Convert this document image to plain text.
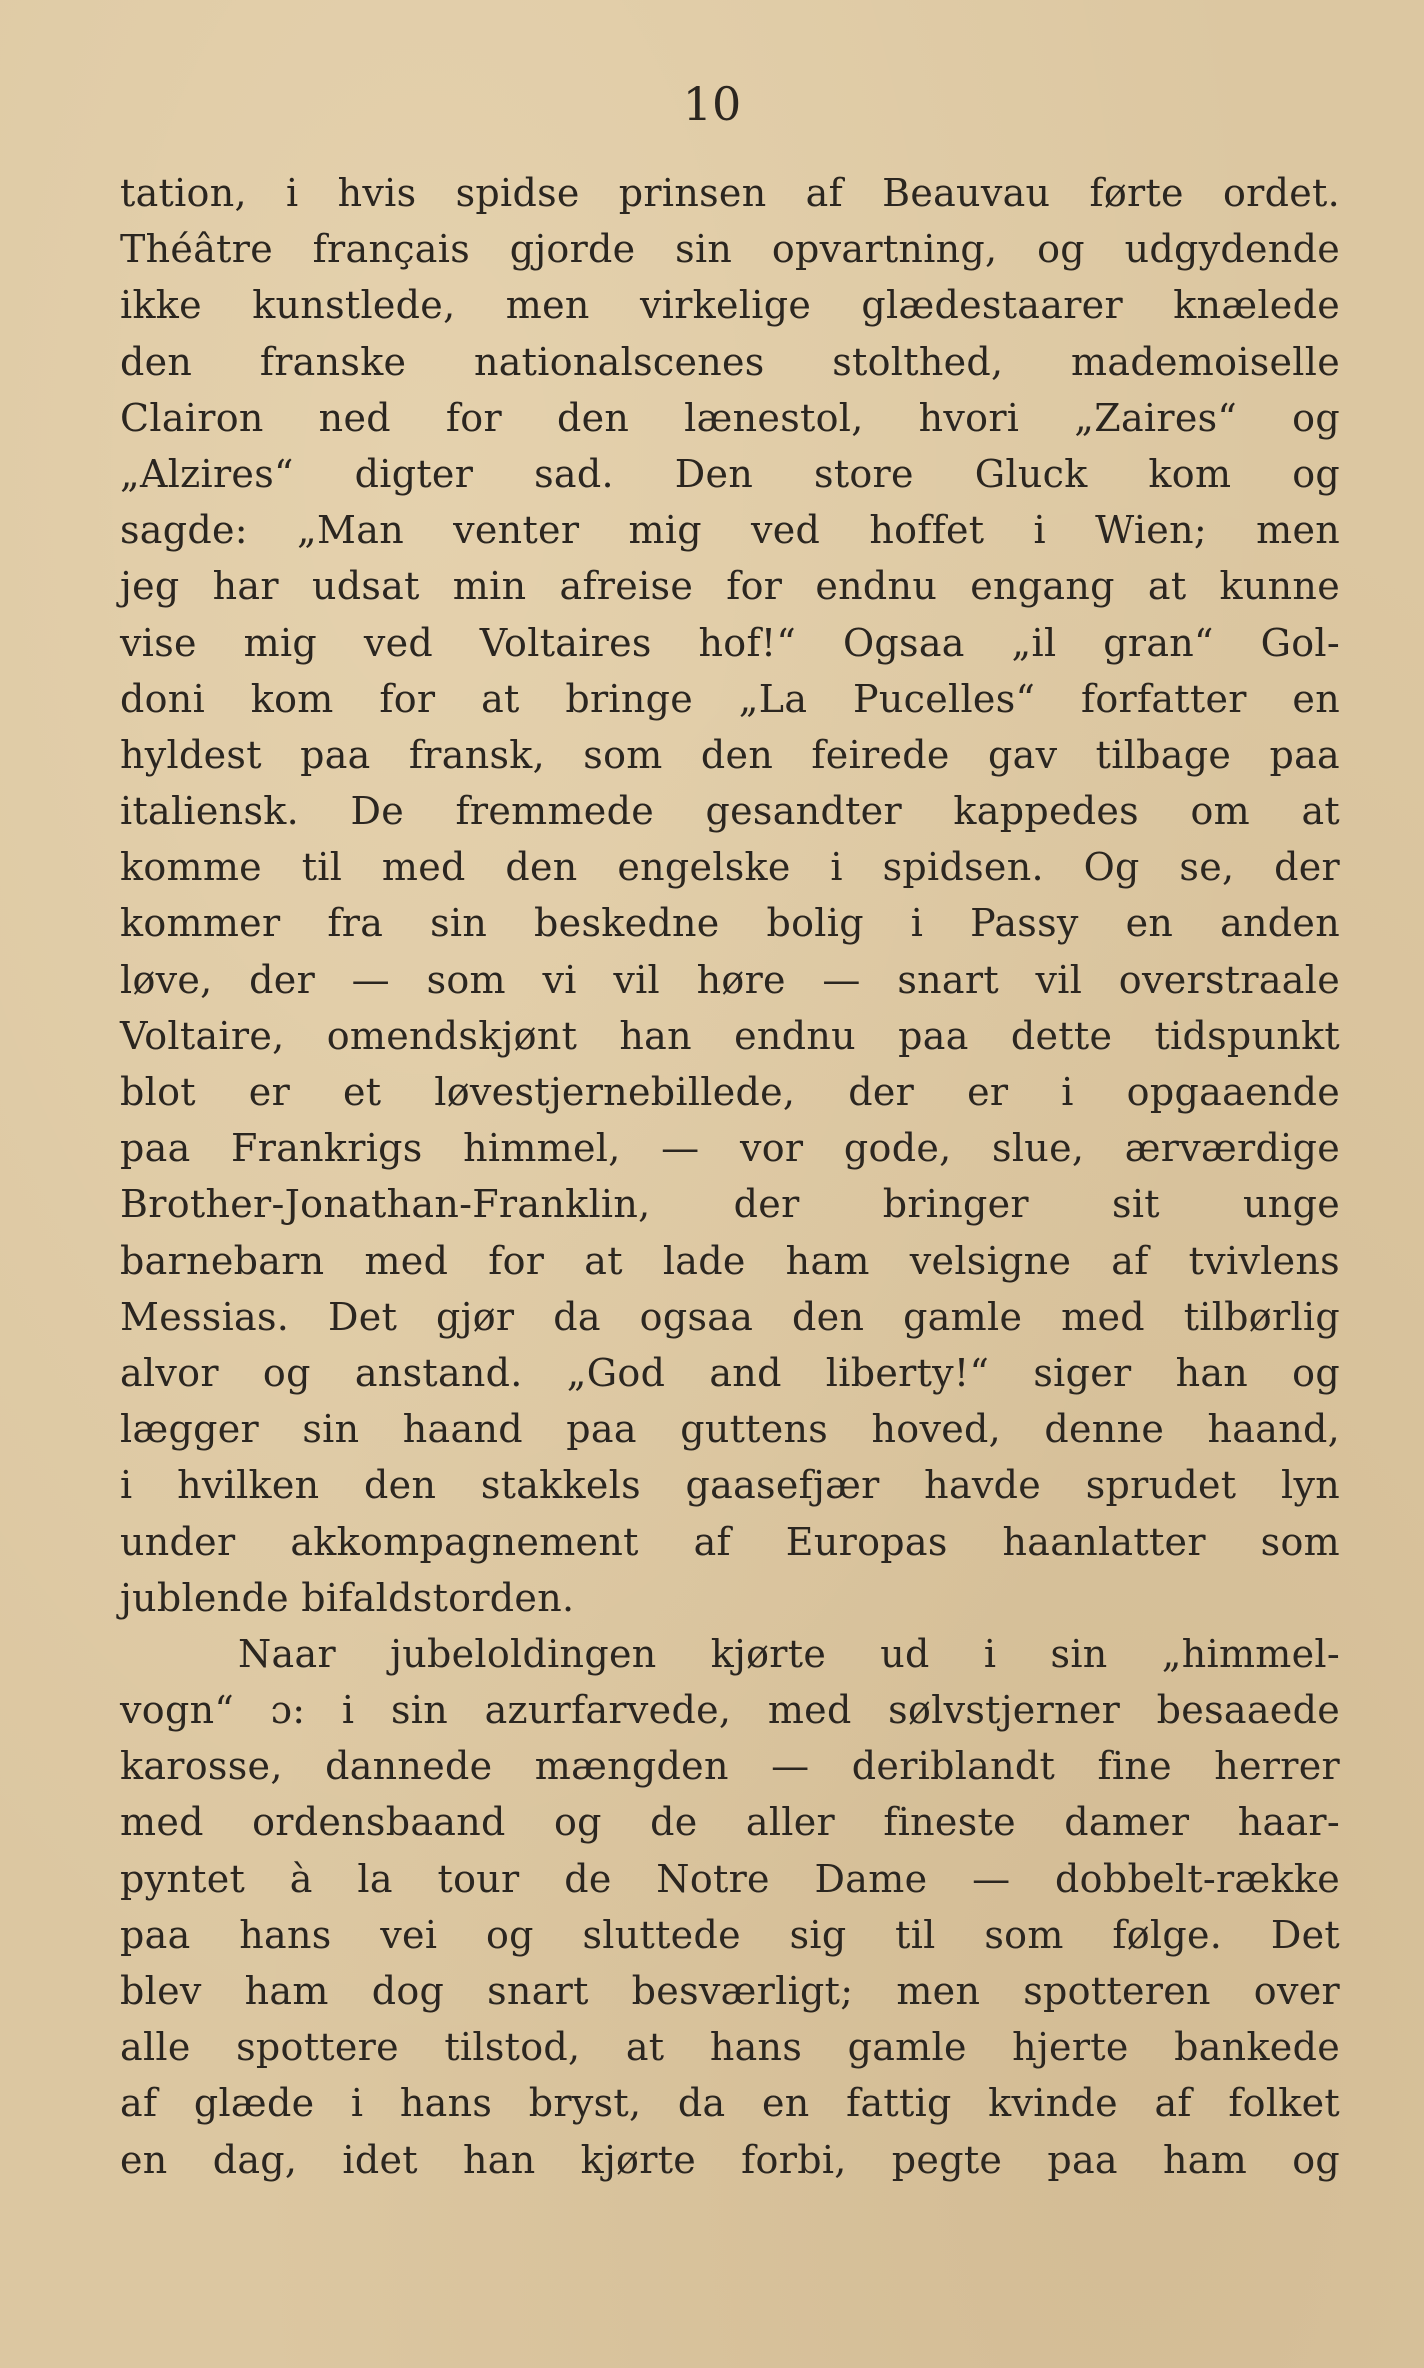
10
tation, i hvis spidse prinsen af Beauvau førte ordet.
Théâtre français gjorde sin opvartning, og udgydende
ikke kunstlede, men virkelige glædestaarer knælede
den franske nationalscenes stolthed, mademoiselle
Clairon ned for den lænestol, hvori „Zaires“ og
„Alzires“ digter sad. Den store Gluck kom og
sagde: „Man venter mig ved hoffet i Wien; men
jeg har udsat min afreise for endnu engang at kunne
vise mig ved Voltaires hof!“ Ogsaa „il gran“ Gol-
doni kom for at bringe „La Pucelles“ forfatter en
hyldest paa fransk, som den feirede gav tilbage paa
italiensk. De fremmede gesandter kappedes om at
komme til med den engelske i spidsen. Og se, der
kommer fra sin beskedne bolig i Passy en anden
løve, der — som vi vil høre — snart vil overstraale
Voltaire, omendskjønt han endnu paa dette tidspunkt
blot er et løvestjernebillede, der er i opgaaende
paa Frankrigs himmel, — vor gode, slue, ærværdige
Brother-Jonathan-Franklin, der bringer sit unge
barnebarn med for at lade ham velsigne af tvivlens
Messias. Det gjør da ogsaa den gamle med tilbørlig
alvor og anstand. „God and liberty!“ siger han og
lægger sin haand paa guttens hoved, denne haand,
i hvilken den stakkels gaasefjær havde sprudet lyn
under akkompagnement af Europas haanlatter som
jublende bifaldstorden.
Naar jubeloldingen kjørte ud i sin „himmel-
vogn“ ɔ: i sin azurfarvede, med sølvstjerner besaaede
karosse, dannede mængden — deriblandt fine herrer
med ordensbaand og de aller fineste damer haar-
pyntet à la tour de Notre Dame — dobbelt-række
paa hans vei og sluttede sig til som følge. Det
blev ham dog snart besværligt; men spotteren over
alle spottere tilstod, at hans gamle hjerte bankede
af glæde i hans bryst, da en fattig kvinde af folket
en dag, idet han kjørte forbi, pegte paa ham og
